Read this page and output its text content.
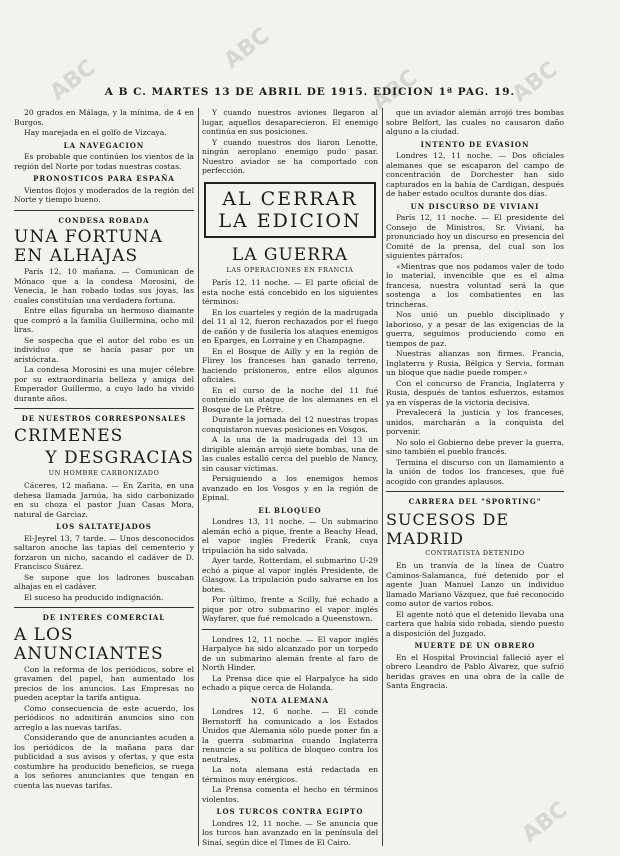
ABC
ABC
ABC	ABC
ABC
A B C. MARTES 13 DE ABRIL DE 1915. EDICION 1ª PAG. 19.

20 grados en Málaga, y la mínima, de 4 en Burgos.

Hay marejada en el golfo de Vizcaya.

LA NAVEGACION

Es probable que continúen los vientos de la región del Norte por todas nuestras costas.

PRONOSTICOS PARA ESPAÑA

Vientos flojos y moderados de la región del Norte y tiempo bueno.

CONDESA ROBADA
UNA FORTUNA EN ALHAJAS

París 12, 10 mañana. — Comunican de Mónaco que a la condesa Morosini, de Venecia, le han robado todas sus joyas, las cuales constituían una verdadera fortuna.

Entre ellas figuraba un hermoso diamante que compró a la familia Guillermina, ocho mil liras.

Se sospecha que el autor del robo es un individuo que se hacía pasar por un aristócrata.

La condesa Morosini es una mujer célebre por su extraordinaria belleza y amiga del Emperador Guillermo, a cuyo lado ha vivido durante años.

DE NUESTROS CORRESPONSALES
CRIMENES
Y DESGRACIAS
UN HOMBRE CARBONIZADO

Cáceres, 12 mañana. — En Zarita, en una dehesa llamada Jarnúa, ha sido carbonizado en su choza el pastor Juan Casas Mora, natural de Garciaz.

LOS SALTATEJADOS

El-Jeyrel 13, 7 tarde. — Unos desconocidos saltaron anoche las tapias del cementerio y forzaron un nicho, sacando el cadáver de D. Francisco Suárez.

Se supone que los ladrones buscaban alhajas en el cadáver.

El suceso ha producido indignación.

DE INTERES COMERCIAL
A LOS ANUNCIANTES

Con la reforma de los periódicos, sobre el gravamen del papel, han aumentado los precios de los anuncios. Las Empresas no pueden aceptar la tarifa antigua.

Como consecuencia de este acuerdo, los periódicos no admitirán anuncios sino con arreglo a las nuevas tarifas.

Considerando que de anunciantes acuden a los periódicos de la mañana para dar publicidad a sus avisos y ofertas, y que esta costumbre ha producido beneficios, se ruega a los señores anunciantes que tengan en cuenta las nuevas tarifas.

Y cuando nuestros aviones llegaron al lugar, aquellos desaparecieron. El enemigo continúa en sus posiciones.

Y cuando nuestros dos liaron Lenotte, ningún aeroplano enemigo pudo pasar. Nuestro aviador se ha comportado con perfección.

AL CERRAR
LA EDICION
LA GUERRA
LAS OPERACIONES EN FRANCIA

París 12, 11 noche. — El parte oficial de esta noche está concebido en los siguientes términos:

En los cuarteles y región de la madrugada del 11 al 12, fueron rechazados por el fuego de cañón y de fusilería los ataques enemigos en Eparges, en Lorraine y en Champagne.

En el Bosque de Ailly y en la región de Flirey los franceses han ganado terreno, haciendo prisioneros, entre ellos algunos oficiales.

En el curso de la noche del 11 fué contenido un ataque de los alemanes en el Bosque de Le Prêtre.

Durante la jornada del 12 nuestras tropas conquistaron nuevas posiciones en Vosgos.

A la una de la madrugada del 13 un dirigible alemán arrojó siete bombas, una de las cuales estalló cerca del pueblo de Nancy, sin causar víctimas.

Persiguiendo a los enemigos hemos avanzado en los Vosgos y en la región de Epinal.

EL BLOQUEO

Londres 13, 11 noche. — Un submarino alemán echó a pique, frente a Beachy Head, el vapor inglés Frederik Frank, cuya tripulación ha sido salvada.

Ayer tarde, Rotterdam, el submarino U-29 echó a pique al vapor inglés Presidente, de Glasgow. La tripulación pudo salvarse en los botes.

Por último, frente a Scilly, fué echado a pique por otro submarino el vapor inglés Wayfarer, que fué remolcado a Queenstown.

Londres 12, 11 noche. — El vapor inglés Harpalyce ha sido alcanzado por un torpedo de un submarino alemán frente al faro de North Hinder.

La Prensa dice que el Harpalyce ha sido echado a pique cerca de Holanda.

NOTA ALEMANA

Londres 12, 6 noche. — El conde Bernstorff ha comunicado a los Estados Unidos que Alemania sólo puede poner fin a la guerra submarina cuando Inglaterra renuncie a su política de bloqueo contra los neutrales.

La nota alemana está redactada en términos muy enérgicos.

La Prensa comenta el hecho en términos violentos.

LOS TURCOS CONTRA EGIPTO

Londres 12, 11 noche. — Se anuncia que los turcos han avanzado en la península del Sinaí, según dice el Times de El Cairo.

que un aviador alemán arrojó tres bombas sobre Belfort, las cuales no causaron daño alguno a la ciudad.

INTENTO DE EVASION

Londres 12, 11 noche. — Dos oficiales alemanes que se escaparon del campo de concentración de Dorchester han sido capturados en la bahía de Cardigan, después de haber estado ocultos durante dos días.

UN DISCURSO DE VIVIANI

París 12, 11 noche. — El presidente del Consejo de Ministros, Sr. Viviani, ha pronunciado hoy un discurso en presencia del Comité de la prensa, del cual son los siguientes párrafos:

«Mientras que nos podamos valer de todo lo material, invencible que es el alma francesa, nuestra voluntad será la que sostenga a los combatientes en las trincheras.

Nos unió un pueblo disciplinado y laborioso, y a pesar de las exigencias de la guerra, seguimos produciendo como en tiempos de paz.

Nuestras alianzas son firmes. Francia, Inglaterra y Rusia, Bélgica y Servia, forman un bloque que nadie puede romper.»

Con el concurso de Francia, Inglaterra y Rusia, después de tantos esfuerzos, estamos ya en vísperas de la victoria decisiva.

Prevalecerá la justicia y los franceses, unidos, marcharán a la conquista del porvenir.

No solo el Gobierno debe prever la guerra, sino también el pueblo francés.

Termina el discurso con un llamamiento a la unión de todos los franceses, que fué acogido con grandes aplausos.

CARRERA DEL "SPORTING"
SUCESOS DE MADRID
CONTRATISTA DETENIDO

En un tranvía de la línea de Cuatro Caminos-Salamanca, fué detenido por el agente Juan Manuel Lanzo un individuo llamado Mariano Vázquez, que fué reconocido como autor de varios robos.

El agente notó que el detenido llevaba una cartera que había sido robada, siendo puesto a disposición del Juzgado.

MUERTE DE UN OBRERO

En el Hospital Provincial falleció ayer el obrero Leandro de Pablo Álvarez, que sufrió heridas graves en una obra de la calle de Santa Engracia.
